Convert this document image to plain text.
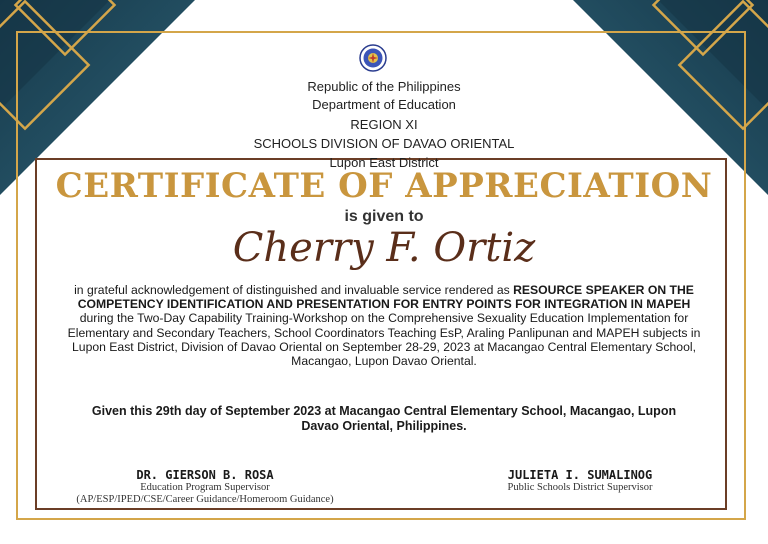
Republic of the Philippines
Department of Education
REGION XI
SCHOOLS DIVISION OF DAVAO ORIENTAL
Lupon East District
CERTIFICATE OF APPRECIATION
is given to
Cherry F. Ortiz
in grateful acknowledgement of distinguished and invaluable service rendered as RESOURCE SPEAKER ON THE COMPETENCY IDENTIFICATION AND PRESENTATION FOR ENTRY POINTS FOR INTEGRATION IN MAPEH during the Two-Day Capability Training-Workshop on the Comprehensive Sexuality Education Implementation for Elementary and Secondary Teachers, School Coordinators Teaching EsP, Araling Panlipunan and MAPEH subjects in Lupon East District, Division of Davao Oriental on September 28-29, 2023 at Macangao Central Elementary School, Macangao, Lupon Davao Oriental.
Given this 29th day of September 2023 at Macangao Central Elementary School, Macangao, Lupon Davao Oriental, Philippines.
DR. GIERSON B. ROSA
Education Program Supervisor
(AP/ESP/IPED/CSE/Career Guidance/Homeroom Guidance)
JULIETA I. SUMALINOG
Public Schools District Supervisor
